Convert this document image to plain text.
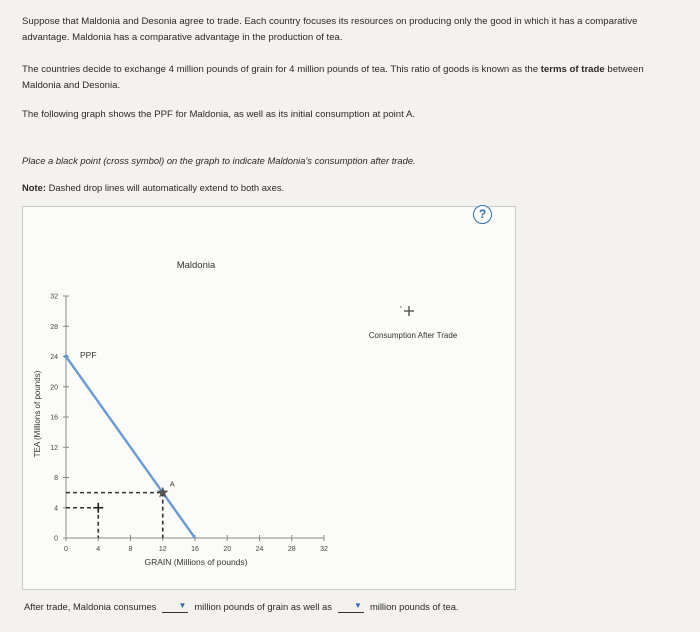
Suppose that Maldonia and Desonia agree to trade. Each country focuses its resources on producing only the good in which it has a comparative
advantage. Maldonia has a comparative advantage in the production of tea.

The countries decide to exchange 4 million pounds of grain for 4 million pounds of tea. This ratio of goods is known as the terms of trade between
Maldonia and Desonia.

The following graph shows the PPF for Maldonia, as well as its initial consumption at point A.

Place a black point (cross symbol) on the graph to indicate Maldonia's consumption after trade.

Note: Dashed drop lines will automatically extend to both axes.

Maldonia
0
4
8
12
16
20
24
28
32
0	4	8	12	16	20	24	28	32
PPF
A
GRAIN (Millions of pounds)
TEA (Millions of pounds)
Consumption After Trade
?
After trade, Maldonia consumes	▼ million pounds of grain as well as	▼ million pounds of tea.
